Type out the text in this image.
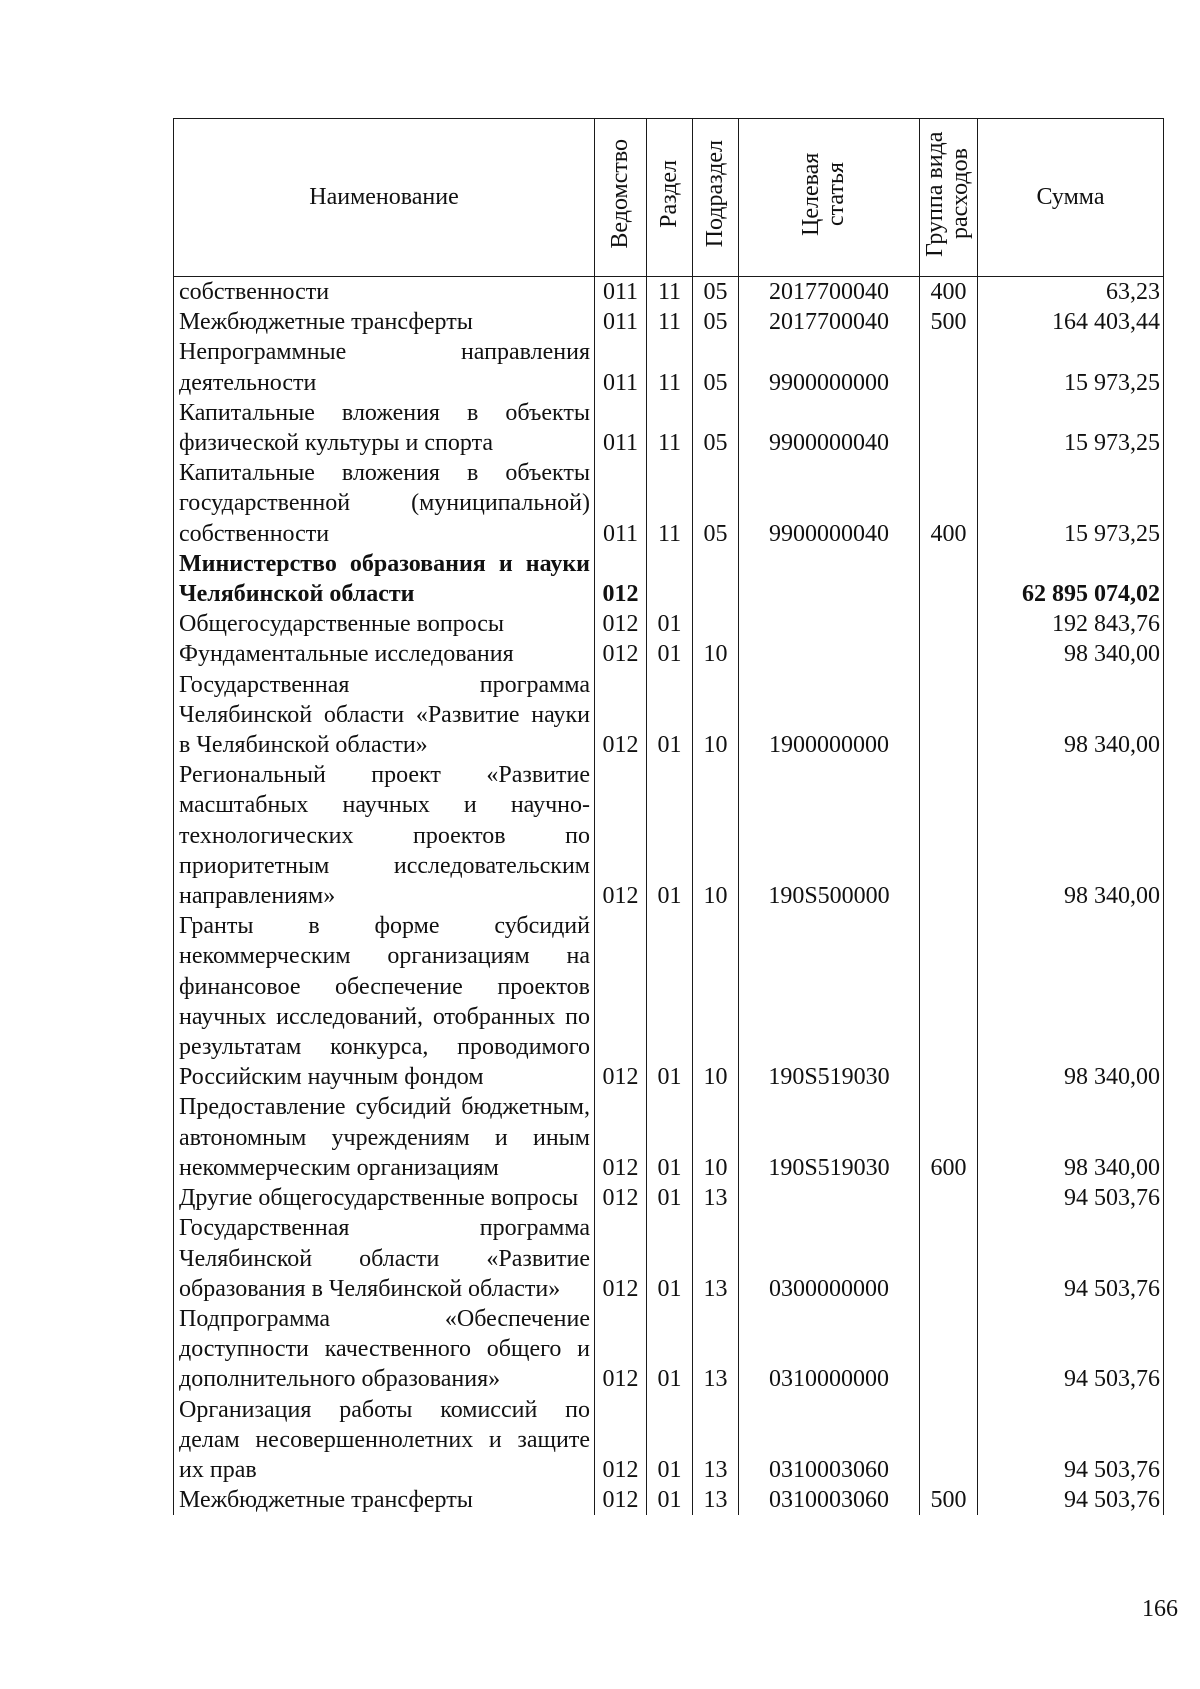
Наименование	Ведомство	Раздел	Подраздел	Целевая статья	Группа вида расходов	Сумма
собственности	011	11	05	2017700040	400	63,23
Межбюджетные трансферты	011	11	05	2017700040	500	164 403,44
Непрограммные направления деятельности	011	11	05	9900000000		15 973,25
Капитальные вложения в объекты физической культуры и спорта	011	11	05	9900000040		15 973,25
Капитальные вложения в объекты государственной (муниципальной) собственности	011	11	05	9900000040	400	15 973,25
Министерство образования и науки Челябинской области	012					62 895 074,02
Общегосударственные вопросы	012	01				192 843,76
Фундаментальные исследования	012	01	10			98 340,00
Государственная программа Челябинской области «Развитие науки в Челябинской области»	012	01	10	1900000000		98 340,00
Региональный проект «Развитие масштабных научных и научно-технологических проектов по приоритетным исследовательским направлениям»	012	01	10	190S500000		98 340,00
Гранты в форме субсидий некоммерческим организациям на финансовое обеспечение проектов научных исследований, отобранных по результатам конкурса, проводимого Российским научным фондом	012	01	10	190S519030		98 340,00
Предоставление субсидий бюджетным, автономным учреждениям и иным некоммерческим организациям	012	01	10	190S519030	600	98 340,00
Другие общегосударственные вопросы	012	01	13			94 503,76
Государственная программа Челябинской области «Развитие образования в Челябинской области»	012	01	13	0300000000		94 503,76
Подпрограмма «Обеспечение доступности качественного общего и дополнительного образования»	012	01	13	0310000000		94 503,76
Организация работы комиссий по делам несовершеннолетних и защите их прав	012	01	13	0310003060		94 503,76
Межбюджетные трансферты	012	01	13	0310003060	500	94 503,76
166
